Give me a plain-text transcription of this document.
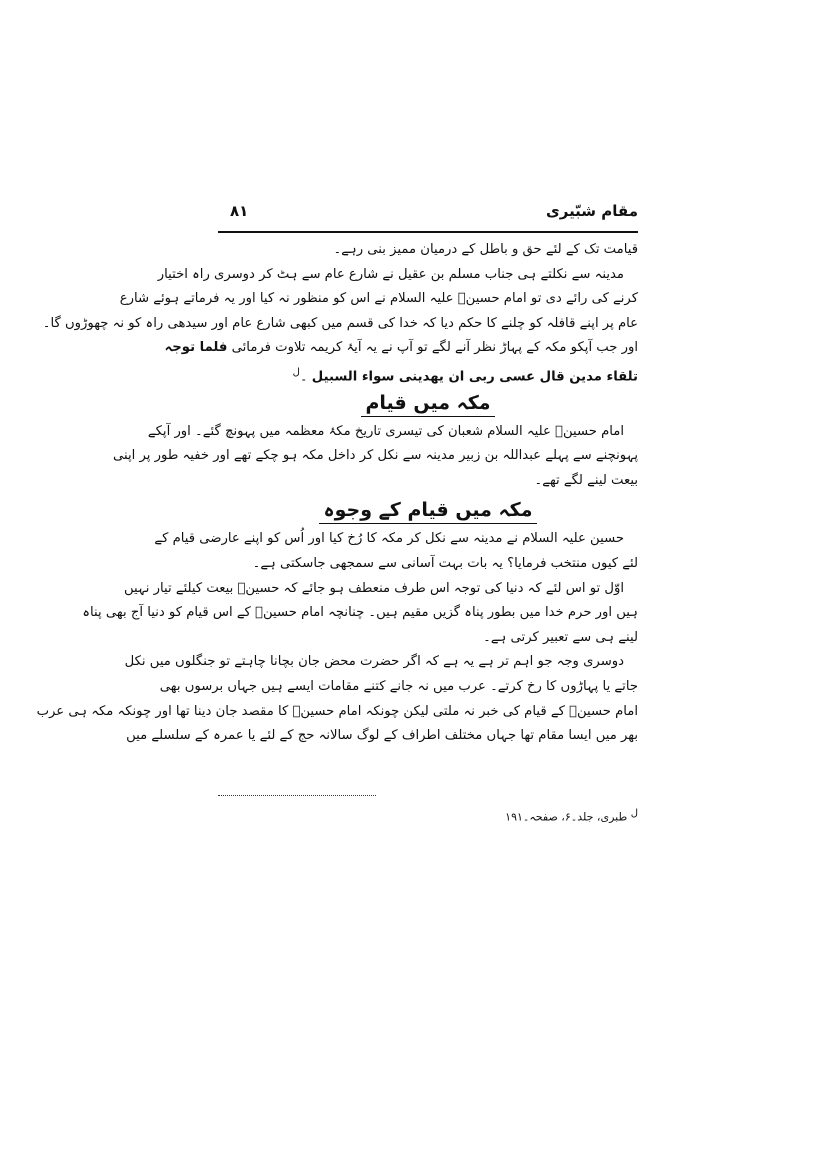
مقام شبّیری
۸۱
قیامت تک کے لئے حق و باطل کے درمیان ممیز بنی رہے۔
مدینہ سے نکلتے ہی جناب مسلم بن عقیل نے شارع عام سے ہٹ کر دوسری راہ اختیار
کرنے کی رائے دی تو امام حسینؑ علیہ السلام نے اس کو منظور نہ کیا اور یہ فرماتے ہوئے شارع
عام پر اپنے قافلہ کو چلنے کا حکم دیا کہ خدا کی قسم میں کبھی شارع عام اور سیدھی راہ کو نہ چھوڑوں گا۔
اور جب آپکو مکہ کے پہاڑ نظر آنے لگے تو آپ نے یہ آیۂ کریمہ تلاوت فرمائی فلما توجہ
تلقاء مدین قال عسی ربی ان یھدینی سواء السبیل ۔$^ل$
مکہ میں قیام
امام حسینؑ علیہ السلام شعبان کی تیسری تاریخ مکۂ معظمہ میں پہونچ گئے۔ اور آپکے
پہونچنے سے پہلے عبداللہ بن زبیر مدینہ سے نکل کر داخل مکہ ہو چکے تھے اور خفیہ طور پر اپنی
بیعت لینے لگے تھے۔
مکہ میں قیام کے وجوہ
حسین علیہ السلام نے مدینہ سے نکل کر مکہ کا رُخ کیا اور اُس کو اپنے عارضی قیام کے
لئے کیوں منتخب فرمایا؟ یہ بات بہت آسانی سے سمجھی جاسکتی ہے۔
اوّل تو اس لئے کہ دنیا کی توجہ اس طرف منعطف ہو جائے کہ حسینؑ بیعت کیلئے تیار نہیں
ہیں اور حرم خدا میں بطور پناہ گزیں مقیم ہیں۔ چنانچہ امام حسینؑ کے اس قیام کو دنیا آج بھی پناہ
لینے ہی سے تعبیر کرتی ہے۔
دوسری وجہ جو اہم تر ہے یہ ہے کہ اگر حضرت محض جان بچانا چاہتے تو جنگلوں میں نکل
جاتے یا پہاڑوں کا رخ کرتے۔ عرب میں نہ جانے کتنے مقامات ایسے ہیں جہاں برسوں بھی
امام حسینؑ کے قیام کی خبر نہ ملتی لیکن چونکہ امام حسینؑ کا مقصد جان دینا تھا اور چونکہ مکہ ہی عرب
بھر میں ایسا مقام تھا جہاں مختلف اطراف کے لوگ سالانہ حج کے لئے یا عمرہ کے سلسلے میں
ل طبری، جلد۔۶، صفحہ۔۱۹۱
